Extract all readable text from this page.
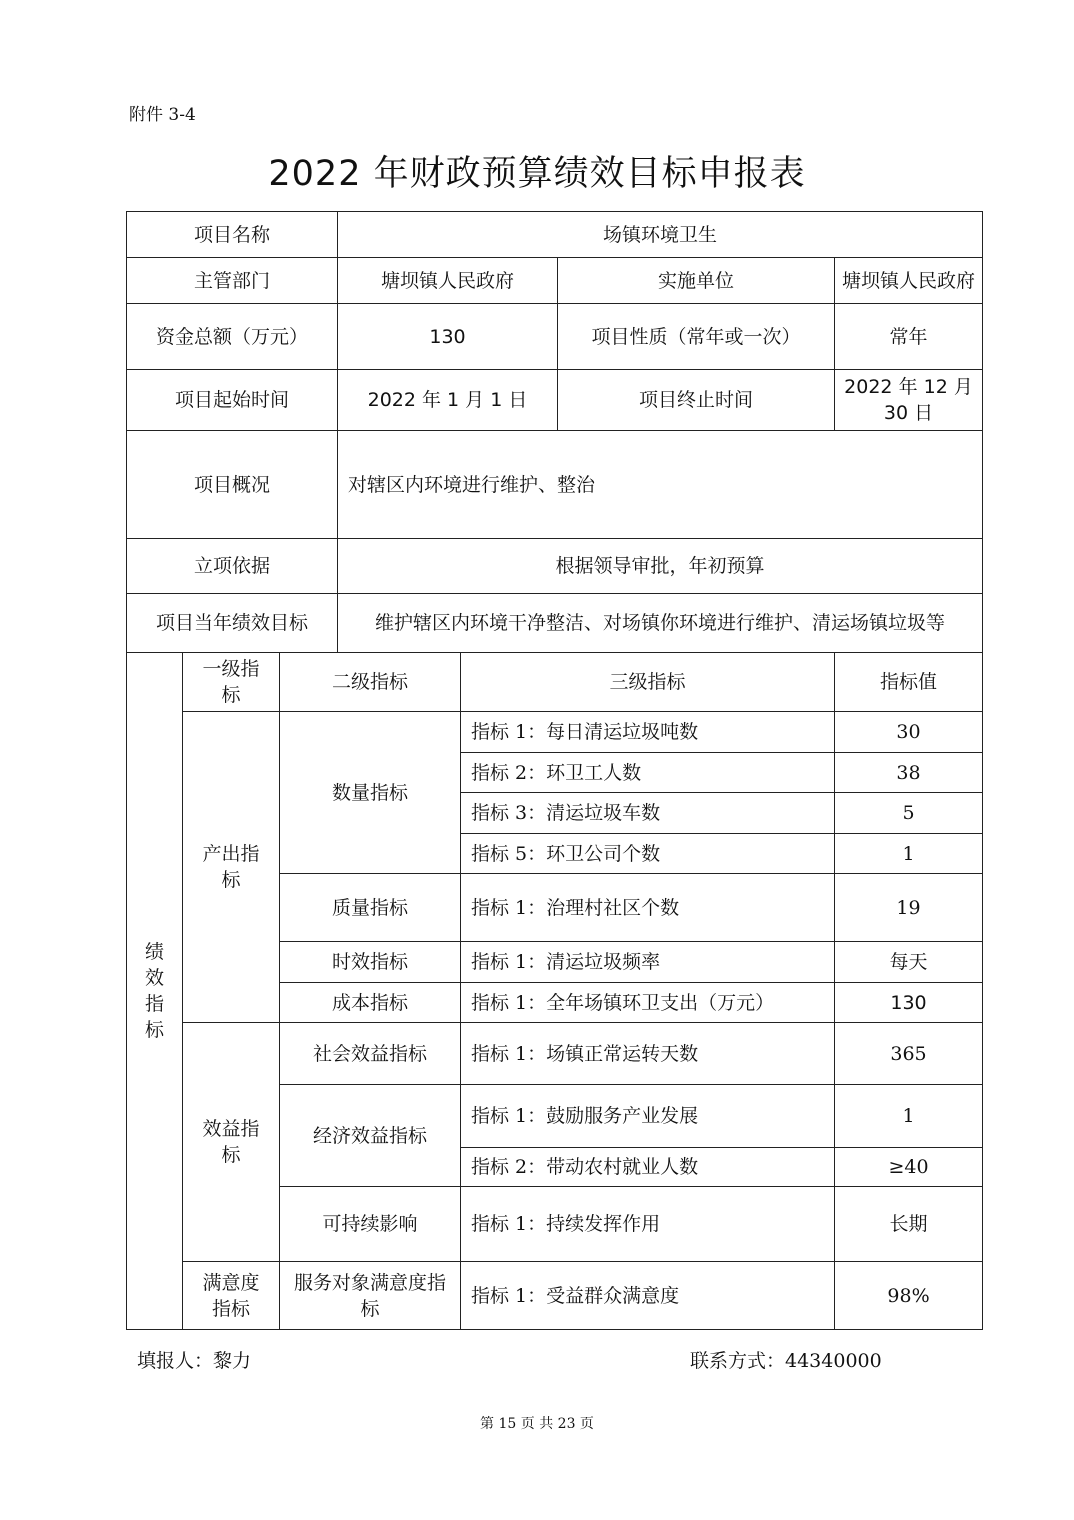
附件 3-4
2022 年财政预算绩效目标申报表
项目名称			场镇环境卫生			
主管部门			塘坝镇人民政府		实施单位	塘坝镇人民政府
资金总额（万元）			130		项目性质（常年或一次）	常年
项目起始时间			2022 年 1 月 1 日		项目终止时间	2022 年 12 月 30 日
项目概况			对辖区内环境进行维护、整治			
立项依据			根据领导审批，年初预算			
项目当年绩效目标			维护辖区内环境干净整洁、对场镇你环境进行维护、清运场镇垃圾等			
绩效指标	一级指标	二级指标		三级指标		指标值
	产出指标	数量指标		指标 1：每日清运垃圾吨数		30
				指标 2：环卫工人数		38
				指标 3：清运垃圾车数		5
				指标 5：环卫公司个数		1
		质量指标		指标 1：治理村社区个数		19
		时效指标		指标 1：清运垃圾频率		每天
		成本指标		指标 1：全年场镇环卫支出（万元）		130
	效益指标	社会效益指标		指标 1：场镇正常运转天数		365
		经济效益指标		指标 1：鼓励服务产业发展		1
				指标 2：带动农村就业人数		≥40
		可持续影响		指标 1：持续发挥作用		长期
	满意度指标	服务对象满意度指标		指标 1：受益群众满意度		98%
填报人：黎力	联系方式：44340000
第 15 页 共 23 页
